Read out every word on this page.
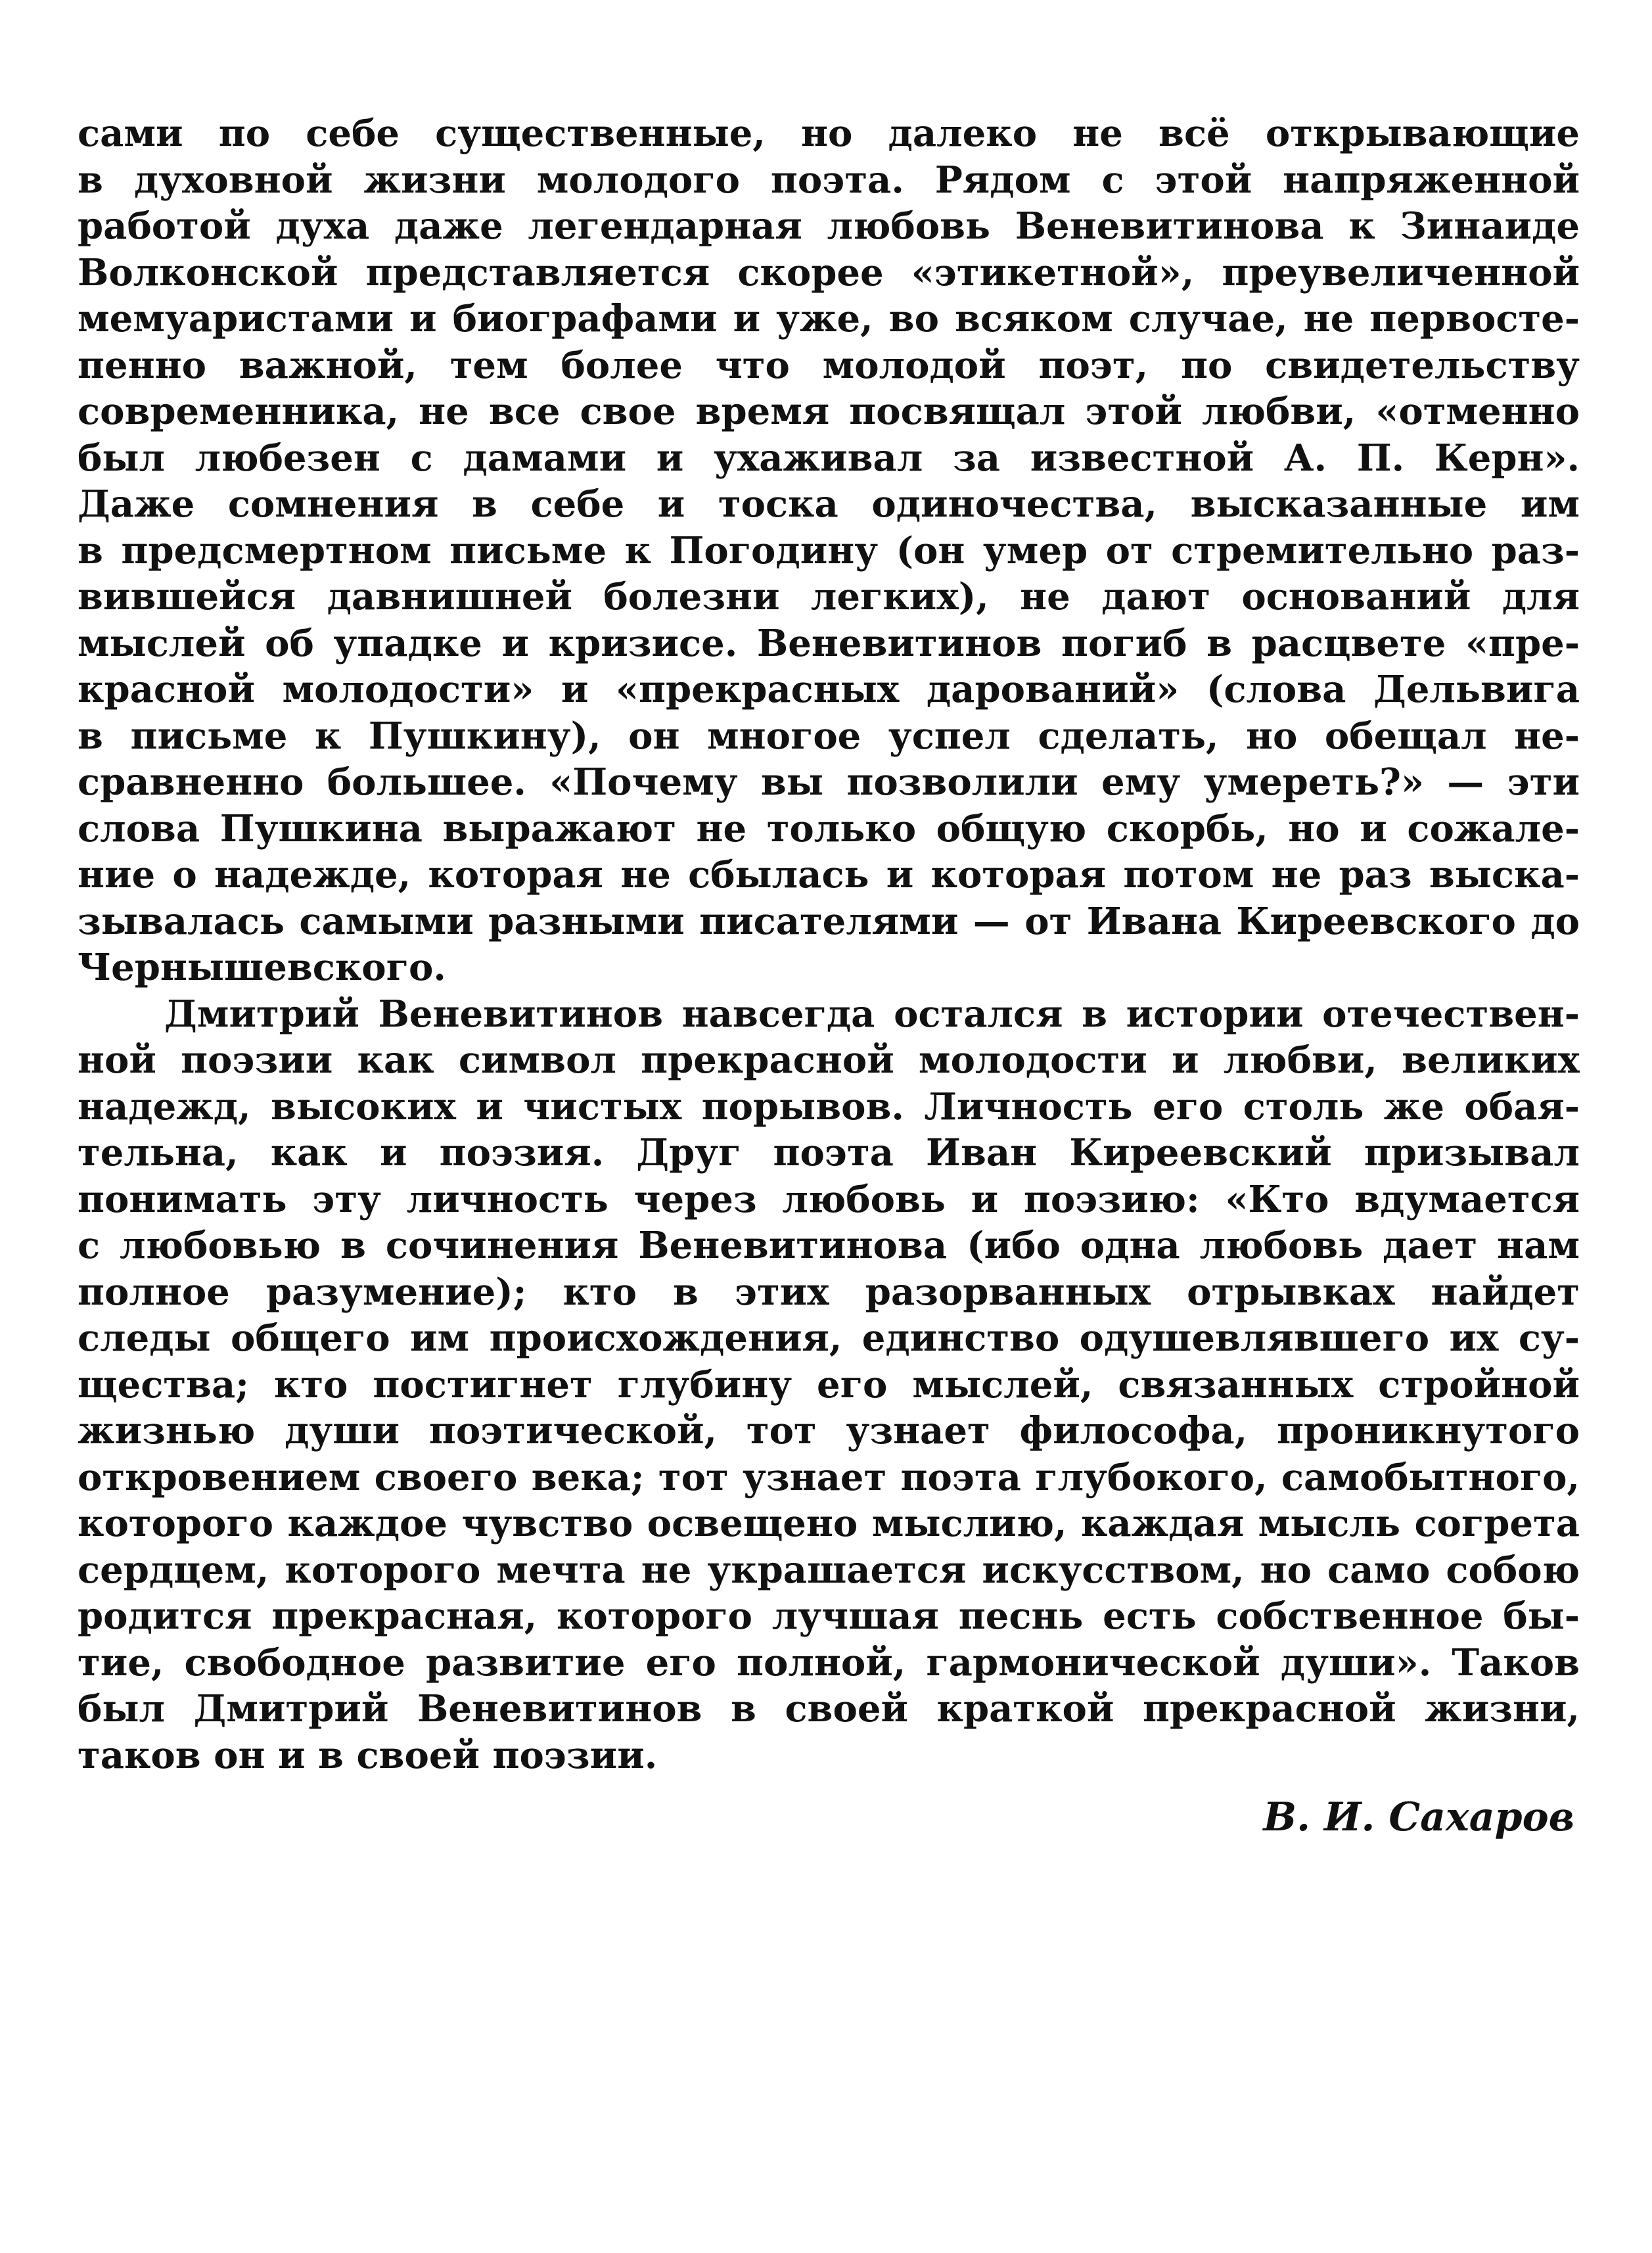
сами по себе существенные, но далеко не всё открывающие
в духовной жизни молодого поэта. Рядом с этой напряженной
работой духа даже легендарная любовь Веневитинова к Зинаиде
Волконской представляется скорее «этикетной», преувеличенной
мемуаристами и биографами и уже, во всяком случае, не первосте-
пенно важной, тем более что молодой поэт, по свидетельству
современника, не все свое время посвящал этой любви, «отменно
был любезен с дамами и ухаживал за известной А. П. Керн».
Даже сомнения в себе и тоска одиночества, высказанные им
в предсмертном письме к Погодину (он умер от стремительно раз-
вившейся давнишней болезни легких), не дают оснований для
мыслей об упадке и кризисе. Веневитинов погиб в расцвете «пре-
красной молодости» и «прекрасных дарований» (слова Дельвига
в письме к Пушкину), он многое успел сделать, но обещал не-
сравненно большее. «Почему вы позволили ему умереть?» — эти
слова Пушкина выражают не только общую скорбь, но и сожале-
ние о надежде, которая не сбылась и которая потом не раз выска-
зывалась самыми разными писателями — от Ивана Киреевского до
Чернышевского.
Дмитрий Веневитинов навсегда остался в истории отечествен-
ной поэзии как символ прекрасной молодости и любви, великих
надежд, высоких и чистых порывов. Личность его столь же обая-
тельна, как и поэзия. Друг поэта Иван Киреевский призывал
понимать эту личность через любовь и поэзию: «Кто вдумается
с любовью в сочинения Веневитинова (ибо одна любовь дает нам
полное разумение); кто в этих разорванных отрывках найдет
следы общего им происхождения, единство одушевлявшего их су-
щества; кто постигнет глубину его мыслей, связанных стройной
жизнью души поэтической, тот узнает философа, проникнутого
откровением своего века; тот узнает поэта глубокого, самобытного,
которого каждое чувство освещено мыслию, каждая мысль согрета
сердцем, которого мечта не украшается искусством, но само собою
родится прекрасная, которого лучшая песнь есть собственное бы-
тие, свободное развитие его полной, гармонической души». Таков
был Дмитрий Веневитинов в своей краткой прекрасной жизни,
таков он и в своей поэзии.
В. И. Сахаров
